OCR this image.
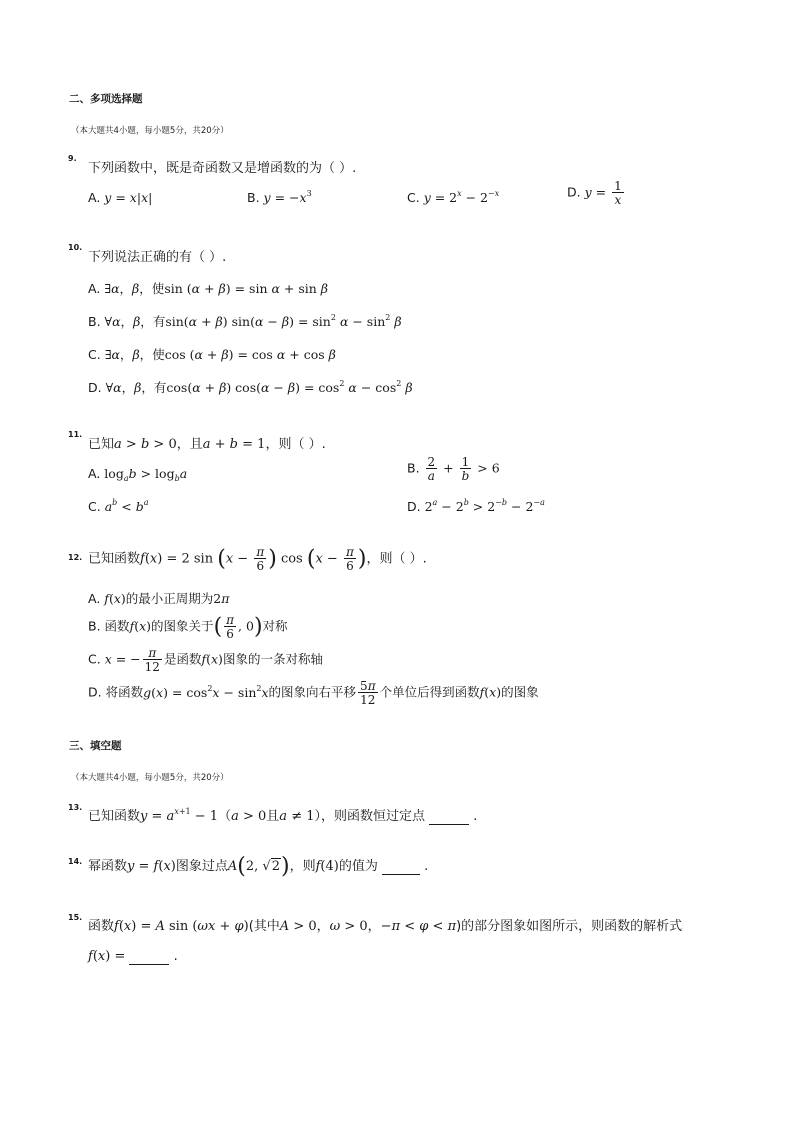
二、多项选择题
（本大题共4小题，每小题5分，共20分）
9.
下列函数中，既是奇函数又是增函数的为（ ）.
A. y = x|x|	B. $y = -x^3$	C. $y = 2^x - 2^{-x}$	D. $y = \frac{1}{x}$
10.
下列说法正确的有（ ）.
A. ∃α，β，使sin (α + β) = sin α + sin β
B. ∀α，β，有sin(α + β) $\sin(\alpha - \beta) = \sin^2 \alpha - \sin^2 \beta$
C. ∃α，β，使cos (α + β) = cos α + cos β
D. ∀α，β，有cos(α + β) $\cos(\alpha - \beta) = \cos^2 \alpha - \cos^2 \beta$
11.
已知a > b > 0，且a + b = 1，则（ ）.
A. $\log_ab > \log_ba$	B. $\frac{2}{a} + \frac{1}{b} > 6$
C. $a^b < b^a$	D. $2^a - 2^b > 2^{-b} - 2^{-a}$
12. 已知函数f(x) = 2 $\sin (x - \frac{\pi}{6}$ ) $\cos (x - \frac{\pi}{6}$ )，则（ ）.
A. f(x)的最小正周期为2π
B. 函数f(x)的图象关于( $\frac{\pi}{6}$ , 0)对称
C. x = − $\frac{\pi}{12}$ 是函数f(x)图象的一条对称轴
D. 将函数$g(x) = \cos^2x - \sin^2x$的图象向右平移 $\frac{5\pi}{12}$ 个单位后得到函数f(x)的图象
三、填空题
（本大题共4小题，每小题5分，共20分）
13.
已知函数$y = a^{x+1} - 1(a > 0$且a ≠ 1），则函数恒过定点	.
14. 幂函数y = f(x)图象过点A(2, √2)，则f(4)的值为	.
15.
函数f(x) = A sin (ωx + φ)(其中A > 0，ω > 0，−π < φ < π)的部分图象如图所示，则函数的解析式
f(x) =	.
